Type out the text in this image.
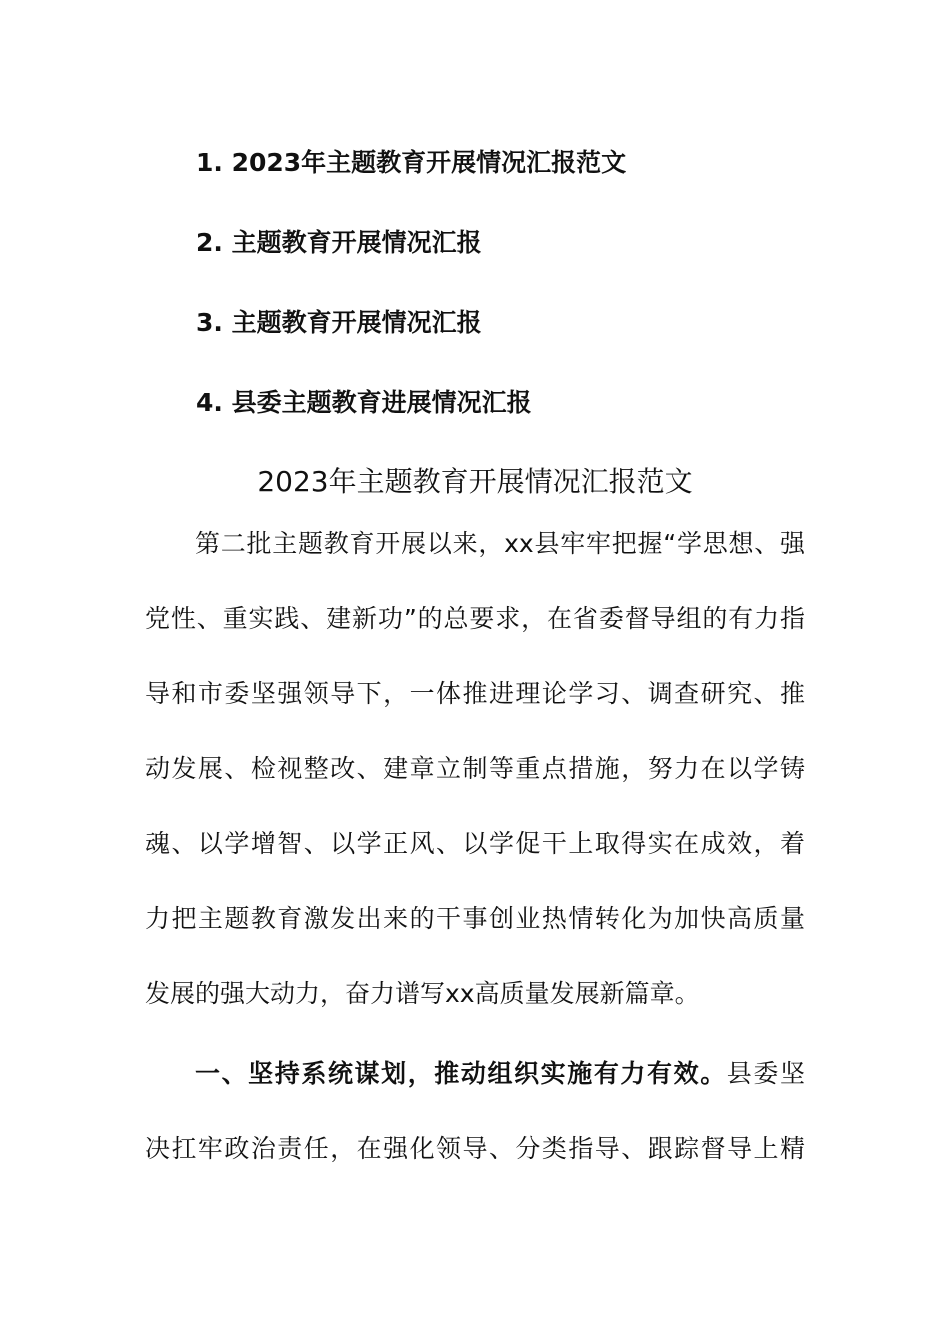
1. 2023年主题教育开展情况汇报范文
2. 主题教育开展情况汇报
3. 主题教育开展情况汇报
4. 县委主题教育进展情况汇报
2023年主题教育开展情况汇报范文
第二批主题教育开展以来，xx县牢牢把握“学思想、强
党性、重实践、建新功”的总要求，在省委督导组的有力指
导和市委坚强领导下，一体推进理论学习、调查研究、推
动发展、检视整改、建章立制等重点措施，努力在以学铸
魂、以学增智、以学正风、以学促干上取得实在成效，着
力把主题教育激发出来的干事创业热情转化为加快高质量
发展的强大动力，奋力谱写xx高质量发展新篇章。
一、坚持系统谋划，推动组织实施有力有效。县委坚
决扛牢政治责任，在强化领导、分类指导、跟踪督导上精
